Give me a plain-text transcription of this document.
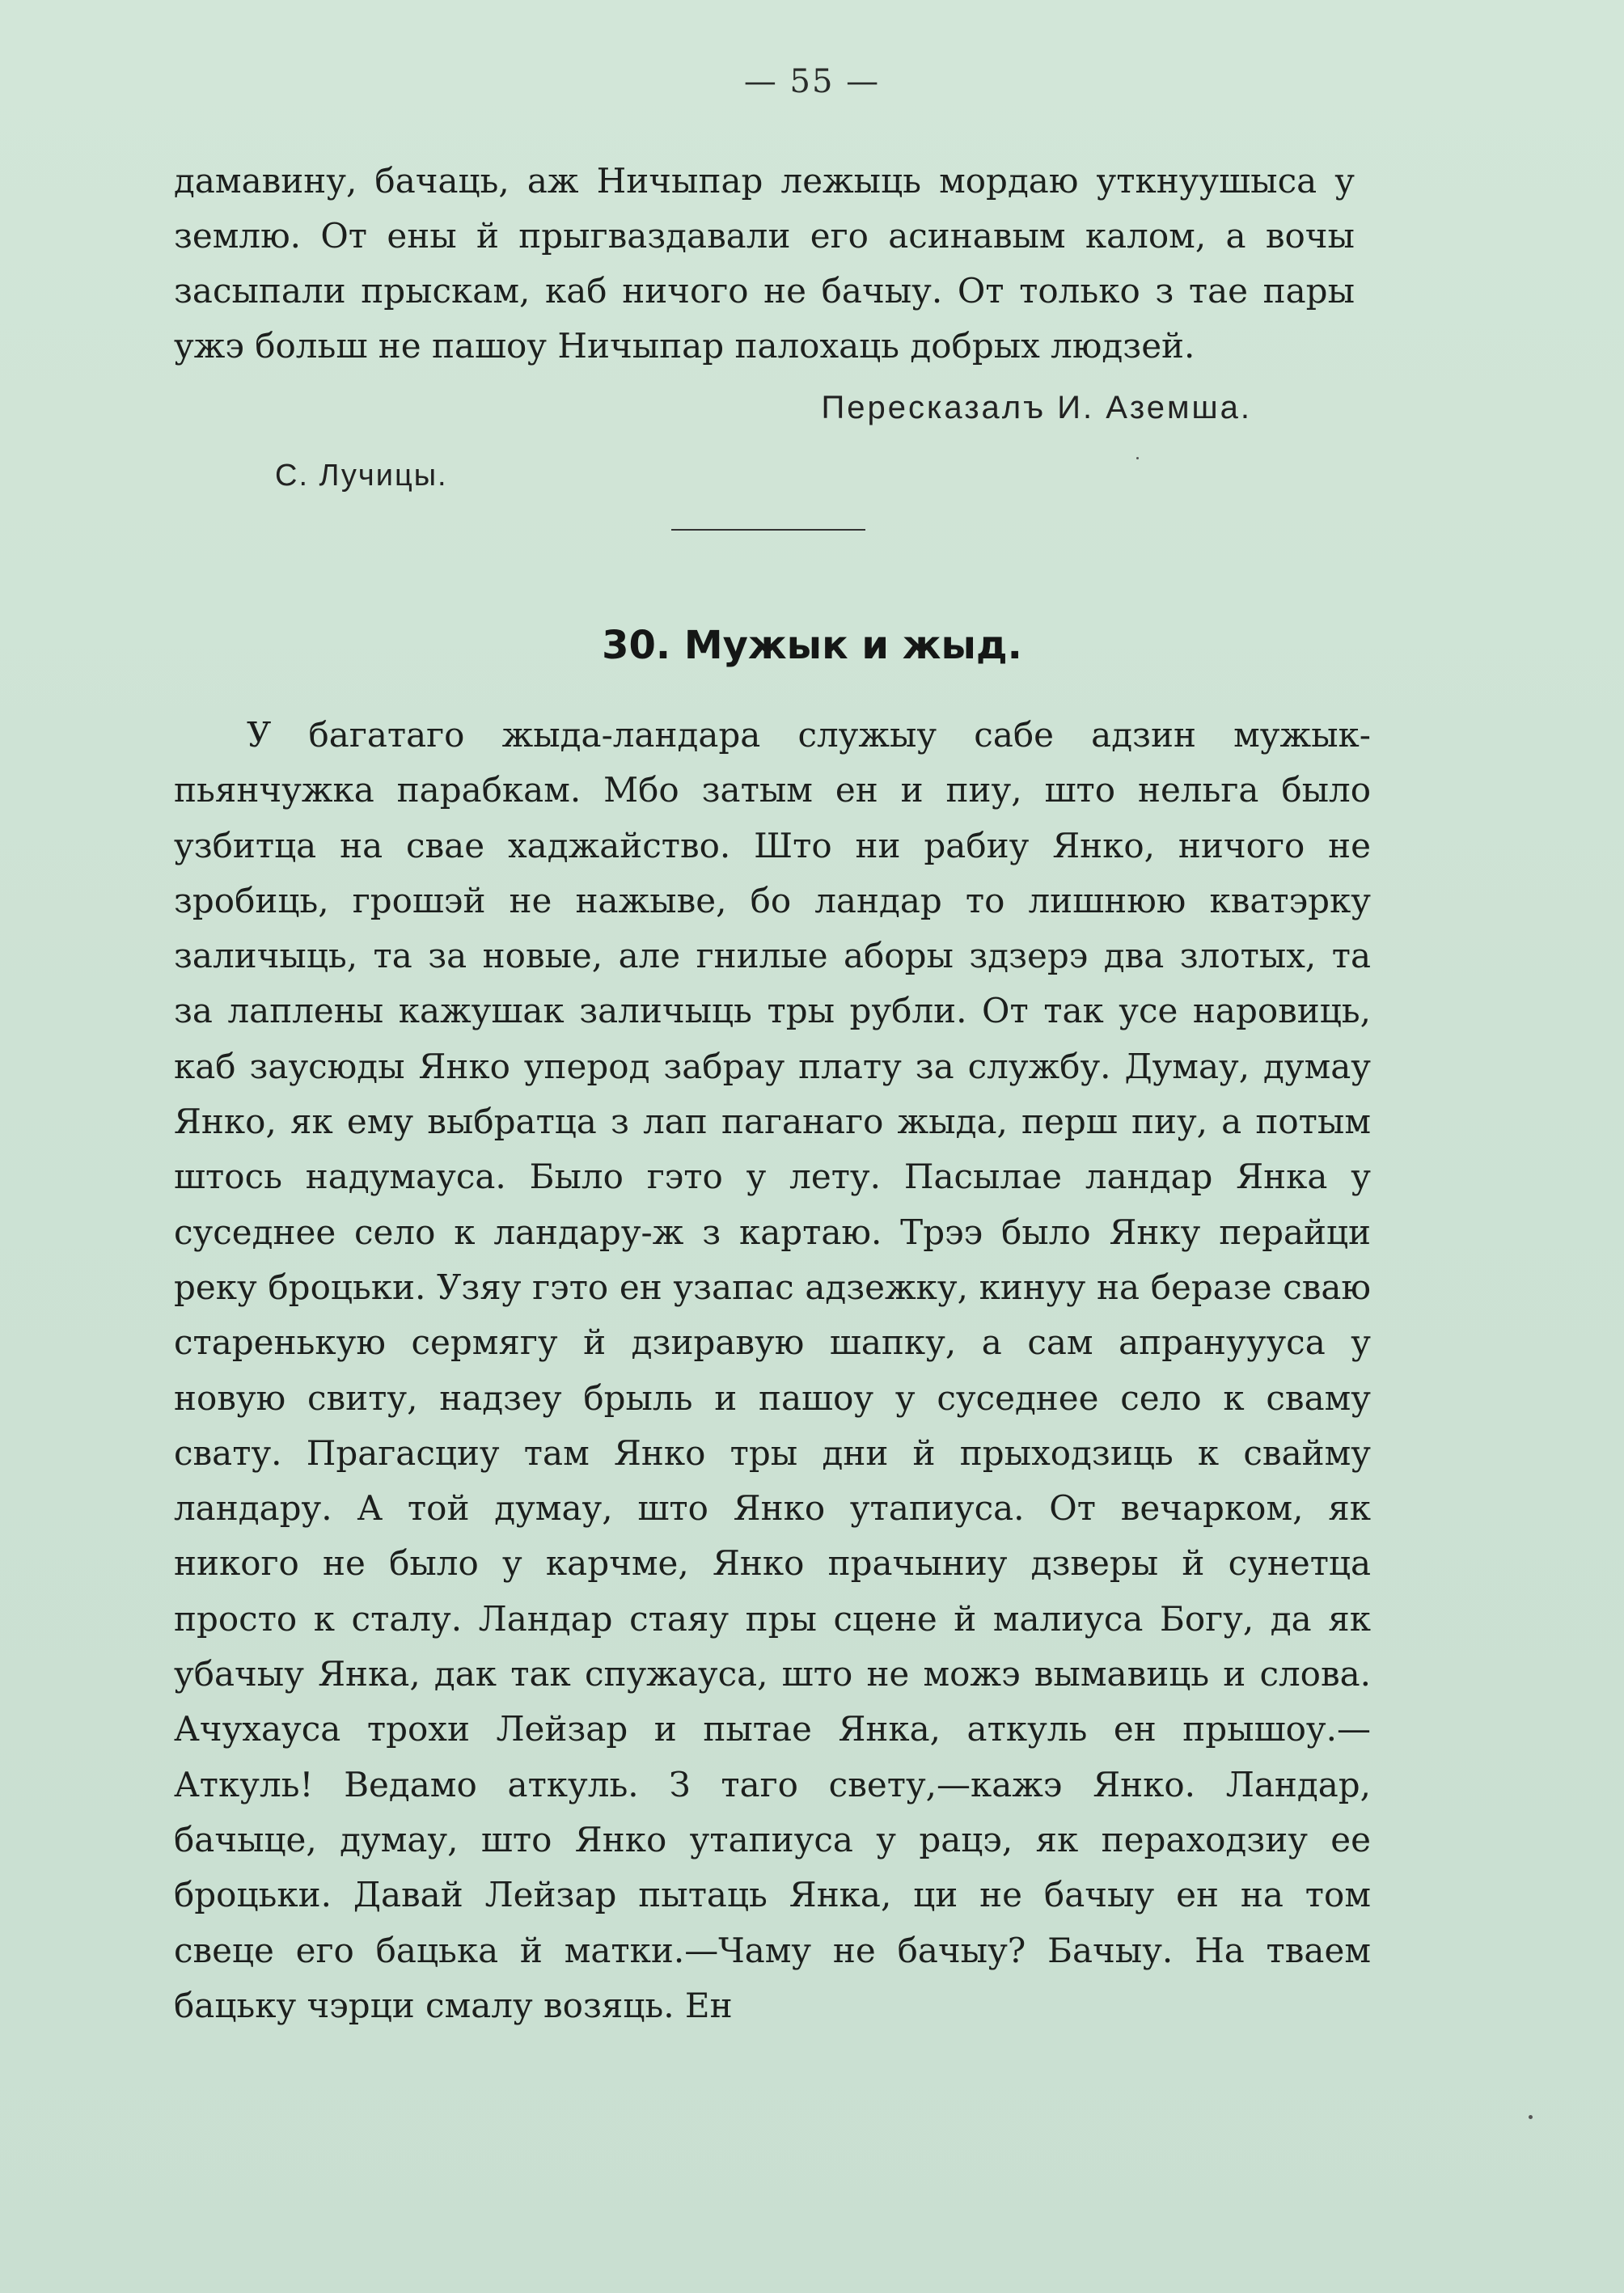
— 55 —
дамавину, бачаць, аж Ничыпар лежыць мордаю уткнуушыса у землю. От ены й прыгваздавали его асинавым калом, а вочы засыпали прыскам, каб ничого не бачыу. От только з тае пары ужэ больш не пашоу Ничыпар палохаць добрых людзей.
Пересказалъ И. Аземша.
С. Лучицы.
30. Мужык и жыд.

У багатаго жыда-ландара служыу сабе адзин мужык-пьянчужка парабкам. Мбо затым ен и пиу, што нельга было узбитца на свае хаджайство. Што ни рабиу Янко, ничого не зробиць, грошэй не нажыве, бо ландар то лишнюю кватэрку заличыць, та за новые, але гнилые аборы здзерэ два злотых, та за лаплены кажушак заличыць тры рубли. От так усе наровиць, каб заусюды Янко уперод забрау плату за службу. Думау, думау Янко, як ему выбратца з лап паганаго жыда, перш пиу, а потым штось надумауса. Было гэто у лету. Пасылае ландар Янка у суседнее село к ландару-ж з картаю. Трээ было Янку перайци реку броцьки. Узяу гэто ен узапас адзежку, кинуу на беразе сваю старенькую сермягу й дзиравую шапку, а сам апрануууса у новую свиту, надзеу брыль и пашоу у суседнее село к сваму свату. Прагасциу там Янко тры дни й прыходзиць к свайму ландару. А той думау, што Янко утапиуса. От вечарком, як никого не было у карчме, Янко прачыниу дзверы й сунетца просто к сталу. Ландар стаяу пры сцене й малиуса Богу, да як убачыу Янка, дак так спужауса, што не можэ вымавиць и слова. Ачухауса трохи Лейзар и пытае Янка, аткуль ен прышоу.—Аткуль! Ведамо аткуль. З таго свету,—кажэ Янко. Ландар, бачыце, думау, што Янко утапиуса у рацэ, як пераходзиу ее броцьки. Давай Лейзар пытаць Янка, ци не бачыу ен на том свеце его бацька й матки.—Чаму не бачыу? Бачыу. На тваем бацьку чэрци смалу возяць. Ен
